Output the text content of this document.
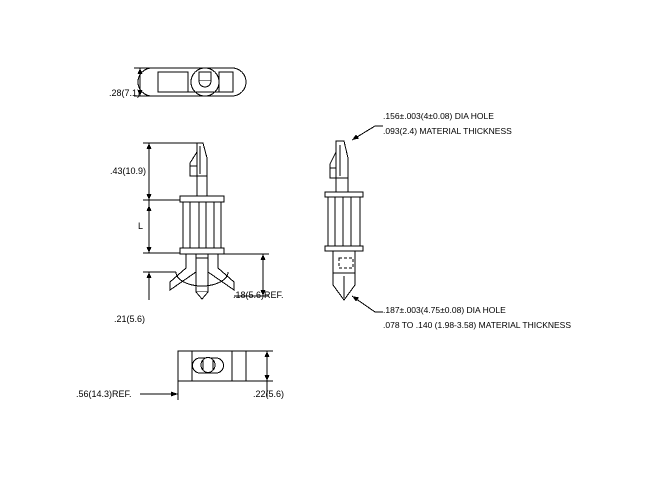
.28(7.1)
.43(10.9)
L
.18(5.6)REF.
.21(5.6)
.56(14.3)REF.	.22(5.6)
.156±.003(4±0.08) DIA HOLE
.093(2.4) MATERIAL THICKNESS
.187±.003(4.75±0.08) DIA HOLE
.078 TO .140 (1.98-3.58) MATERIAL THICKNESS
